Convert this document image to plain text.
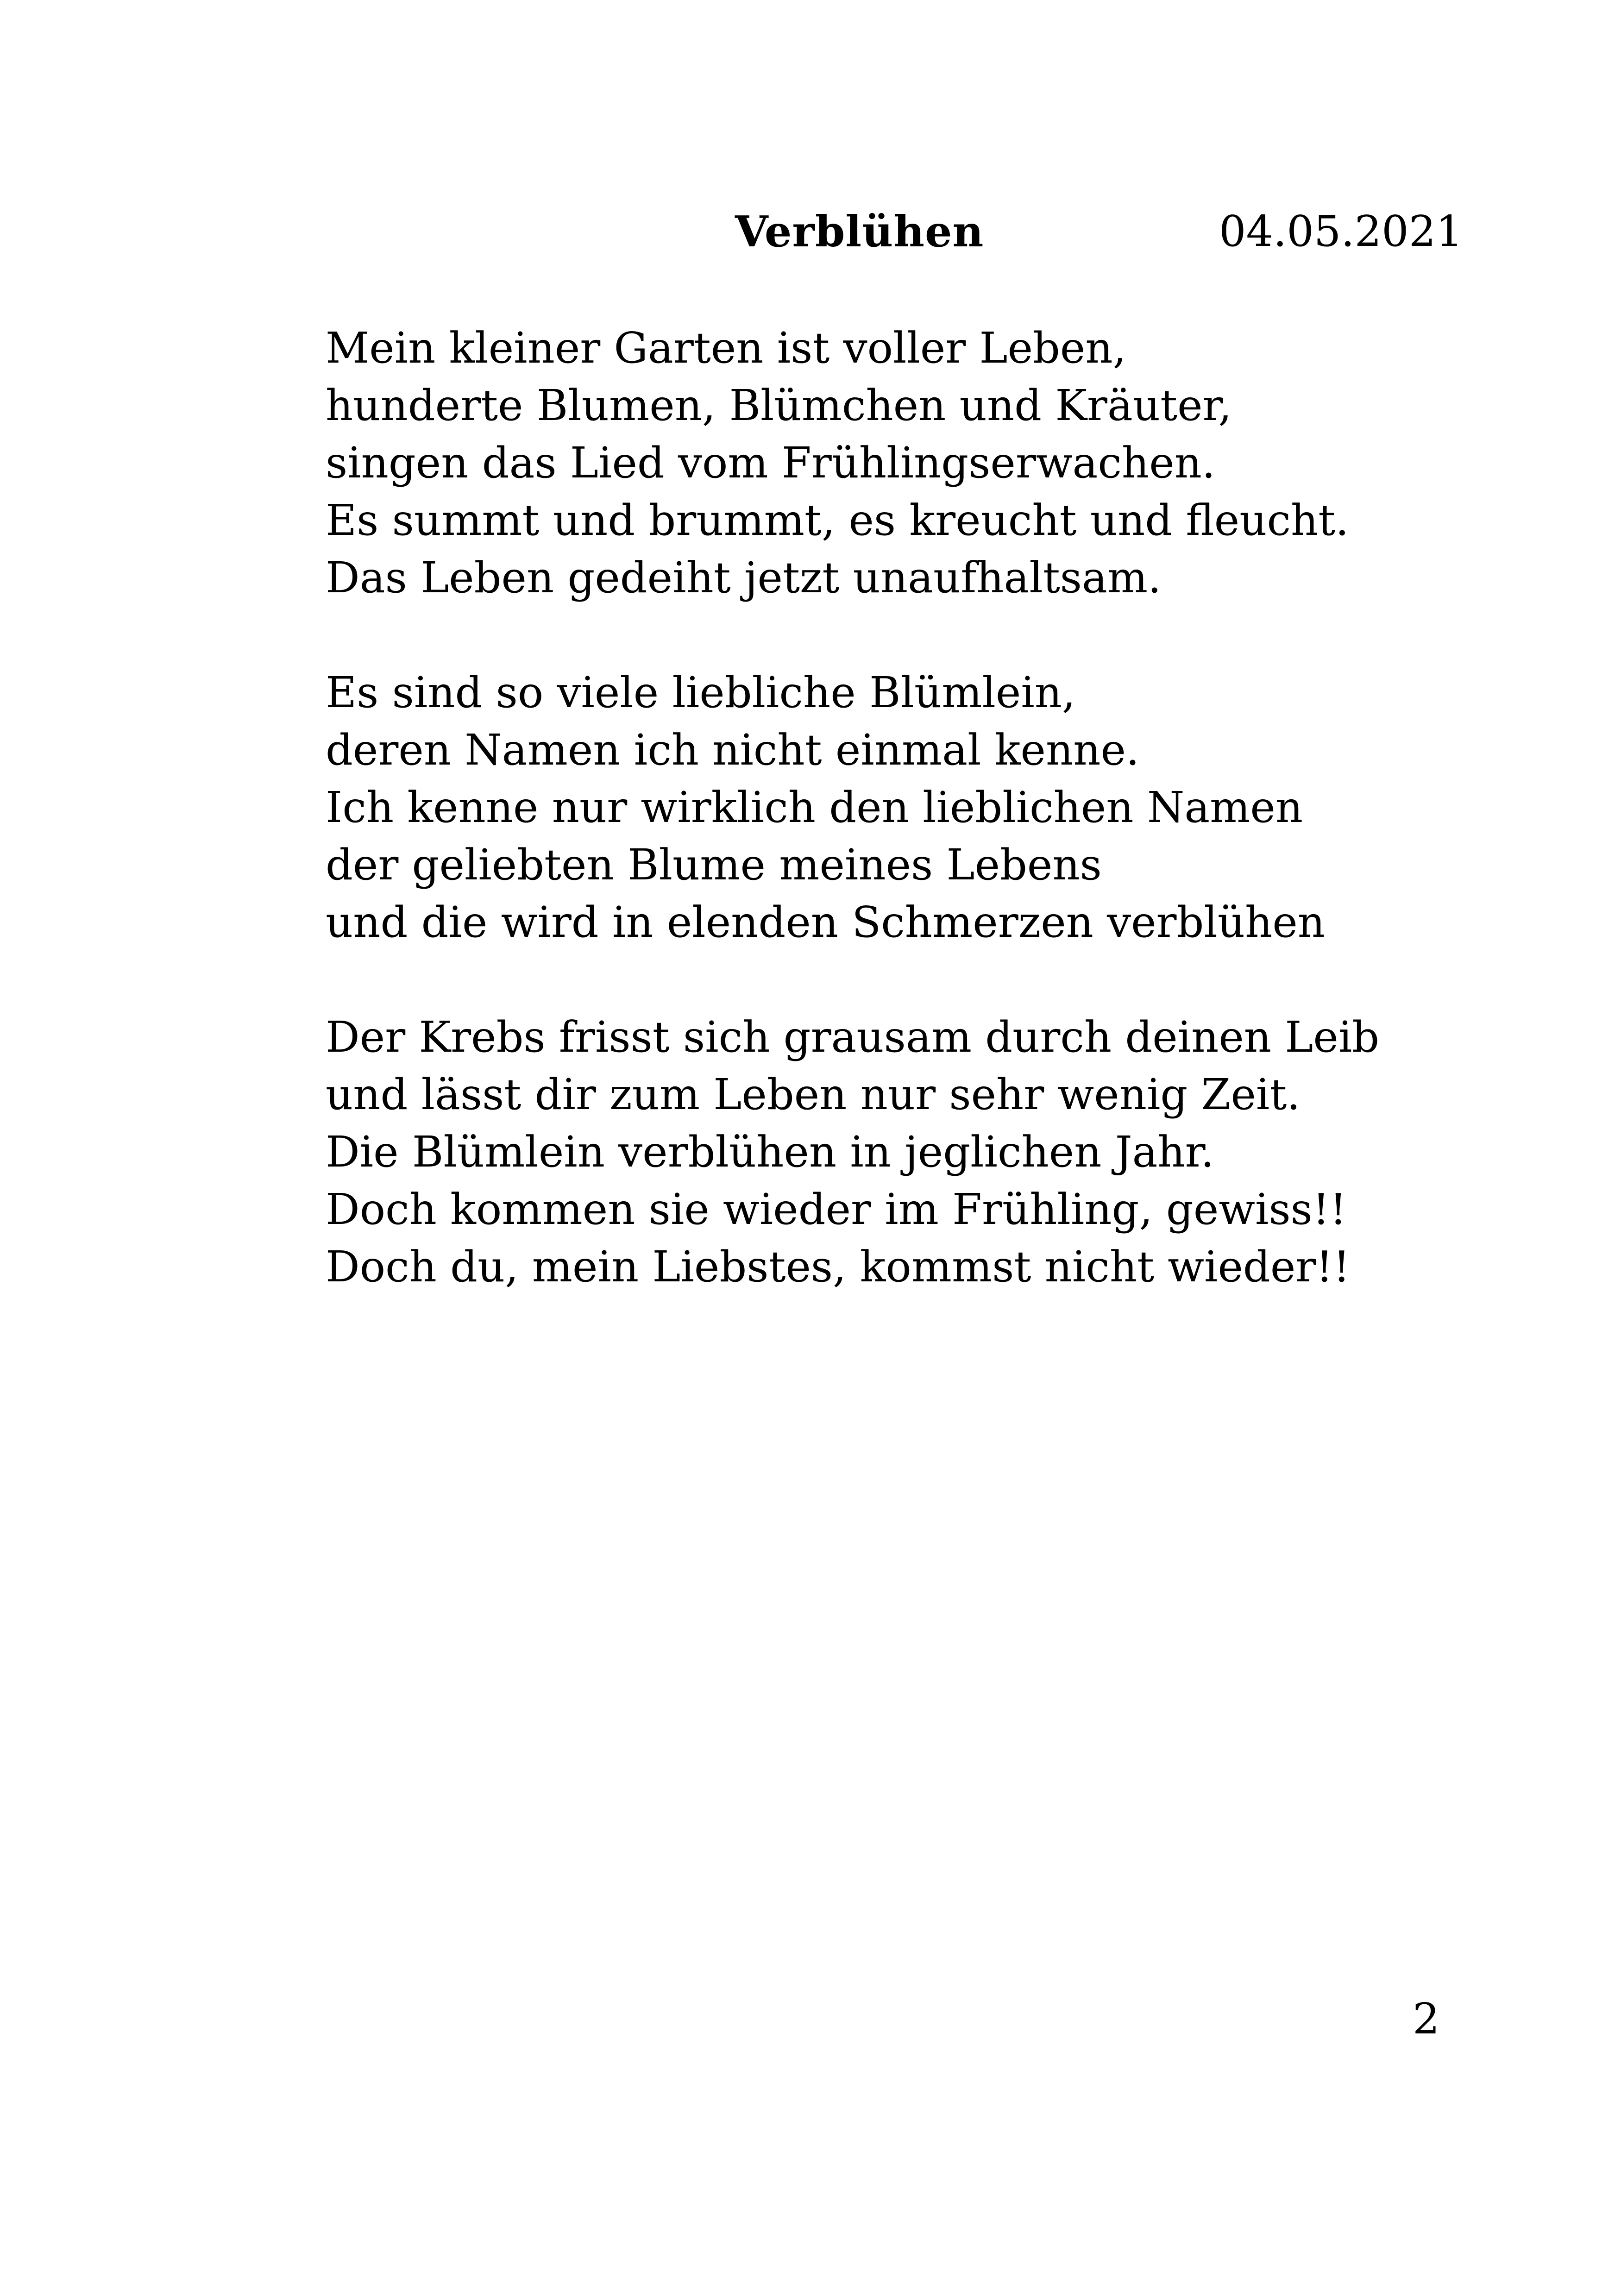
Verblühen	04.05.2021
Mein kleiner Garten ist voller Leben,
hunderte Blumen, Blümchen und Kräuter,
singen das Lied vom Frühlingserwachen.
Es summt und brummt, es kreucht und fleucht.
Das Leben gedeiht jetzt unaufhaltsam.
Es sind so viele liebliche Blümlein,
deren Namen ich nicht einmal kenne.
Ich kenne nur wirklich den lieblichen Namen
der geliebten Blume meines Lebens
und die wird in elenden Schmerzen verblühen
Der Krebs frisst sich grausam durch deinen Leib
und lässt dir zum Leben nur sehr wenig Zeit.
Die Blümlein verblühen in jeglichen Jahr.
Doch kommen sie wieder im Frühling, gewiss!!
Doch du, mein Liebstes, kommst nicht wieder!!
2
